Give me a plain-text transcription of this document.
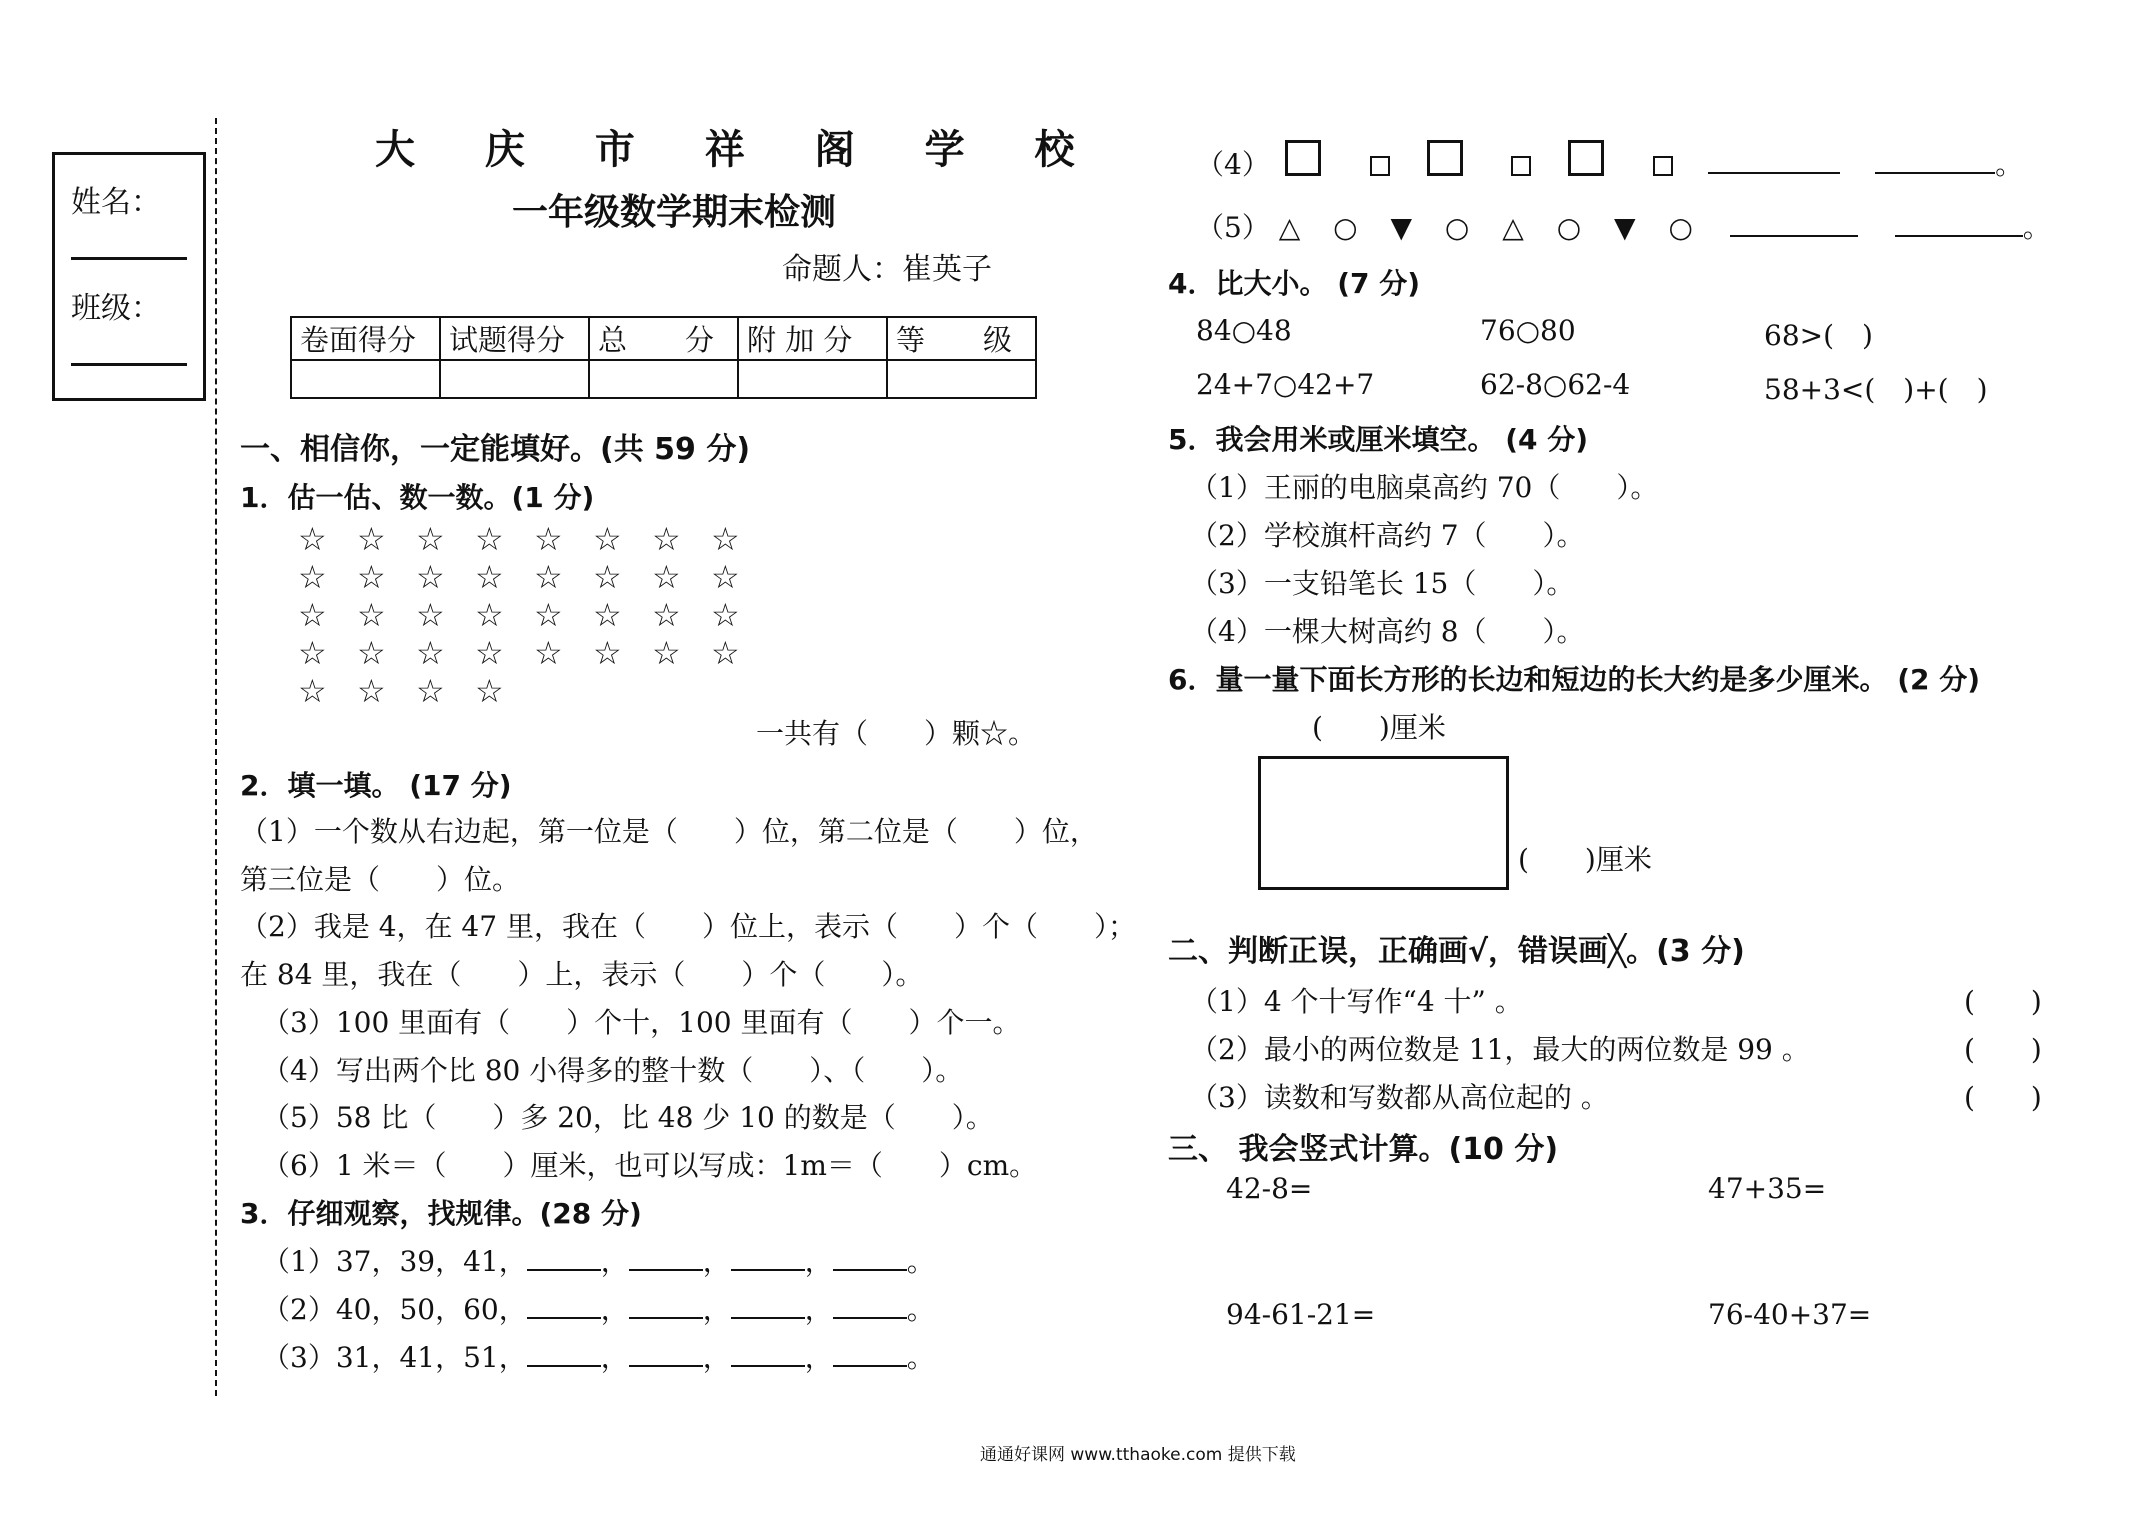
姓名：
班级：
大 庆 市 祥 阁 学 校
一年级数学期末检测
命题人：崔英子
卷面得分	试题得分	总　　分	附 加 分	等　　级

一、相信你，一定能填好。(共 59 分)
1．估一估、数一数。(1 分)
☆ ☆ ☆ ☆ ☆ ☆ ☆ ☆
☆ ☆ ☆ ☆ ☆ ☆ ☆ ☆
☆ ☆ ☆ ☆ ☆ ☆ ☆ ☆
☆ ☆ ☆ ☆ ☆ ☆ ☆ ☆
☆ ☆ ☆ ☆
一共有（　　）颗☆。
2．填一填。 (17 分)
（1）一个数从右边起，第一位是（　　）位，第二位是（　　）位，
第三位是（　　）位。
（2）我是 4，在 47 里，我在（　　）位上，表示（　　）个（　　）；
在 84 里，我在（　　）上，表示（　　）个（　　）。
（3）100 里面有（　　）个十，100 里面有（　　）个一。
（4）写出两个比 80 小得多的整十数（　　）、（　　）。
（5）58 比（　　）多 20，比 48 少 10 的数是（　　）。
（6）1 米＝（　　）厘米，也可以写成：1m＝（　　）cm。
3．仔细观察，找规律。(28 分)
（1）37，39，41，	，	，	，	。
（2）40，50，60，	，	，	，	。
（3）31，41，51，	，	，	，	。
（4）	。
（5） △ ○ ▼ ○ △ ○ ▼ ○	。
4．比大小。 (7 分)
84○48	76○80	68>(　)
24+7○42+7	62-8○62-4	58+3<(　)+(　)
5．我会用米或厘米填空。 (4 分)
（1）王丽的电脑桌高约 70（　　）。
（2）学校旗杆高约 7（　　）。
（3）一支铅笔长 15（　　）。
（4）一棵大树高约 8（　　）。
6．量一量下面长方形的长边和短边的长大约是多少厘米。 (2 分)
(　　)厘米
(　　)厘米
二、判断正误，正确画√，错误画╳。(3 分)
（1）4 个十写作“4 十” 。	(　　)
（2）最小的两位数是 11，最大的两位数是 99 。	(　　)
（3）读数和写数都从高位起的 。	(　　)
三、 我会竖式计算。(10 分)
42-8=	47+35=
94-61-21=	76-40+37=
通通好课网 www.tthaoke.com 提供下载
